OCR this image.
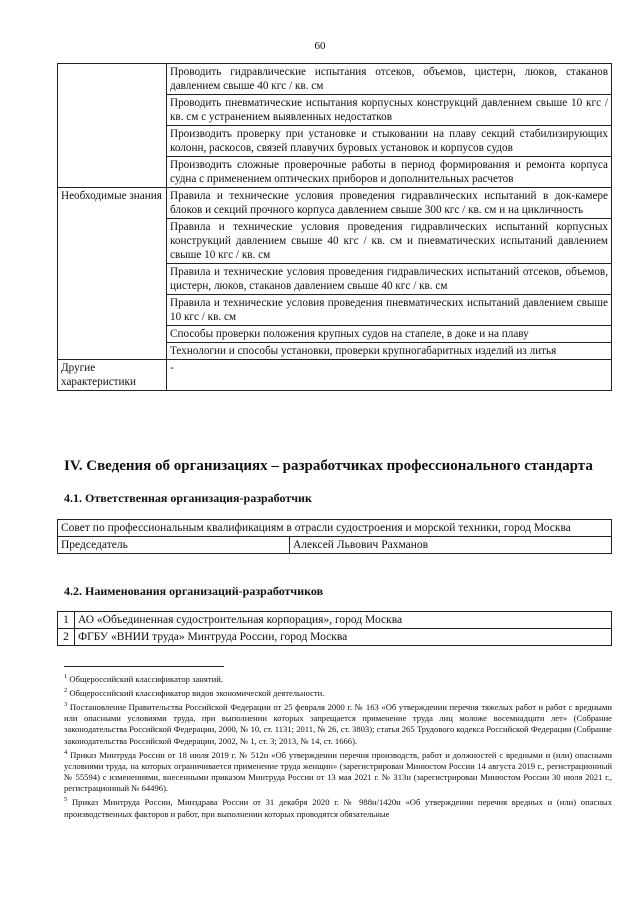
60
	Проводить гидравлические испытания отсеков, объемов, цистерн, люков, стаканов давлением свыше 40 кгс / кв. см
	Проводить пневматические испытания корпусных конструкций давлением свыше 10 кгс / кв. см с устранением выявленных недостатков
	Производить проверку при установке и стыковании на плаву секций стабилизирующих колонн, раскосов, связей плавучих буровых установок и корпусов судов
	Производить сложные проверочные работы в период формирования и ремонта корпуса судна с применением оптических приборов и дополнительных расчетов
Необходимые знания	Правила и технические условия проведения гидравлических испытаний в док-камере блоков и секций прочного корпуса давлением свыше 300 кгс / кв. см и на цикличность
	Правила и технические условия проведения гидравлических испытаний корпусных конструкций давлением свыше 40 кгс / кв. см и пневматических испытаний давлением свыше 10 кгс / кв. см
	Правила и технические условия проведения гидравлических испытаний отсеков, объемов, цистерн, люков, стаканов давлением свыше 40 кгс / кв. см
	Правила и технические условия проведения пневматических испытаний давлением свыше 10 кгс / кв. см
	Способы проверки положения крупных судов на стапеле, в доке и на плаву
	Технологии и способы установки, проверки крупногабаритных изделий из литья
Другие характеристики	-
IV. Сведения об организациях – разработчиках профессионального стандарта
4.1. Ответственная организация-разработчик
Совет по профессиональным квалификациям в отрасли судостроения и морской техники, город Москва
Председатель	Алексей Львович Рахманов
4.2. Наименования организаций-разработчиков
1	АО «Объединенная судостроительная корпорация», город Москва
2	ФГБУ «ВНИИ труда» Минтруда России, город Москва

$^1$ Общероссийский классификатор занятий.

$^2$ Общероссийский классификатор видов экономической деятельности.

$^3$ Постановление Правительства Российской Федерации от 25 февраля 2000 г. № 163 «Об утверждении перечня тяжелых работ и работ с вредными или опасными условиями труда, при выполнении которых запрещается применение труда лиц моложе восемнадцати лет» (Собрание законодательства Российской Федерации, 2000, № 10, ст. 1131; 2011, № 26, ст. 3803); статья 265 Трудового кодекса Российской Федерации (Собрание законодательства Российской Федерации, 2002, № 1, ст. 3; 2013, № 14, ст. 1666).

$^4$ Приказ Минтруда России от 18 июля 2019 г. № 512н «Об утверждении перечня производств, работ и должностей с вредными и (или) опасными условиями труда, на которых ограничивается применение труда женщин» (зарегистрирован Минюстом России 14 августа 2019 г., регистрационный № 55594) с изменениями, внесенными приказом Минтруда России от 13 мая 2021 г. № 313н (зарегистрирован Минюстом России 30 июля 2021 г., регистрационный № 64496).

$^5$ Приказ Минтруда России, Минздрава России от 31 декабря 2020 г. № 988н/1420н «Об утверждении перечня вредных и (или) опасных производственных факторов и работ, при выполнении которых проводятся обязательные
